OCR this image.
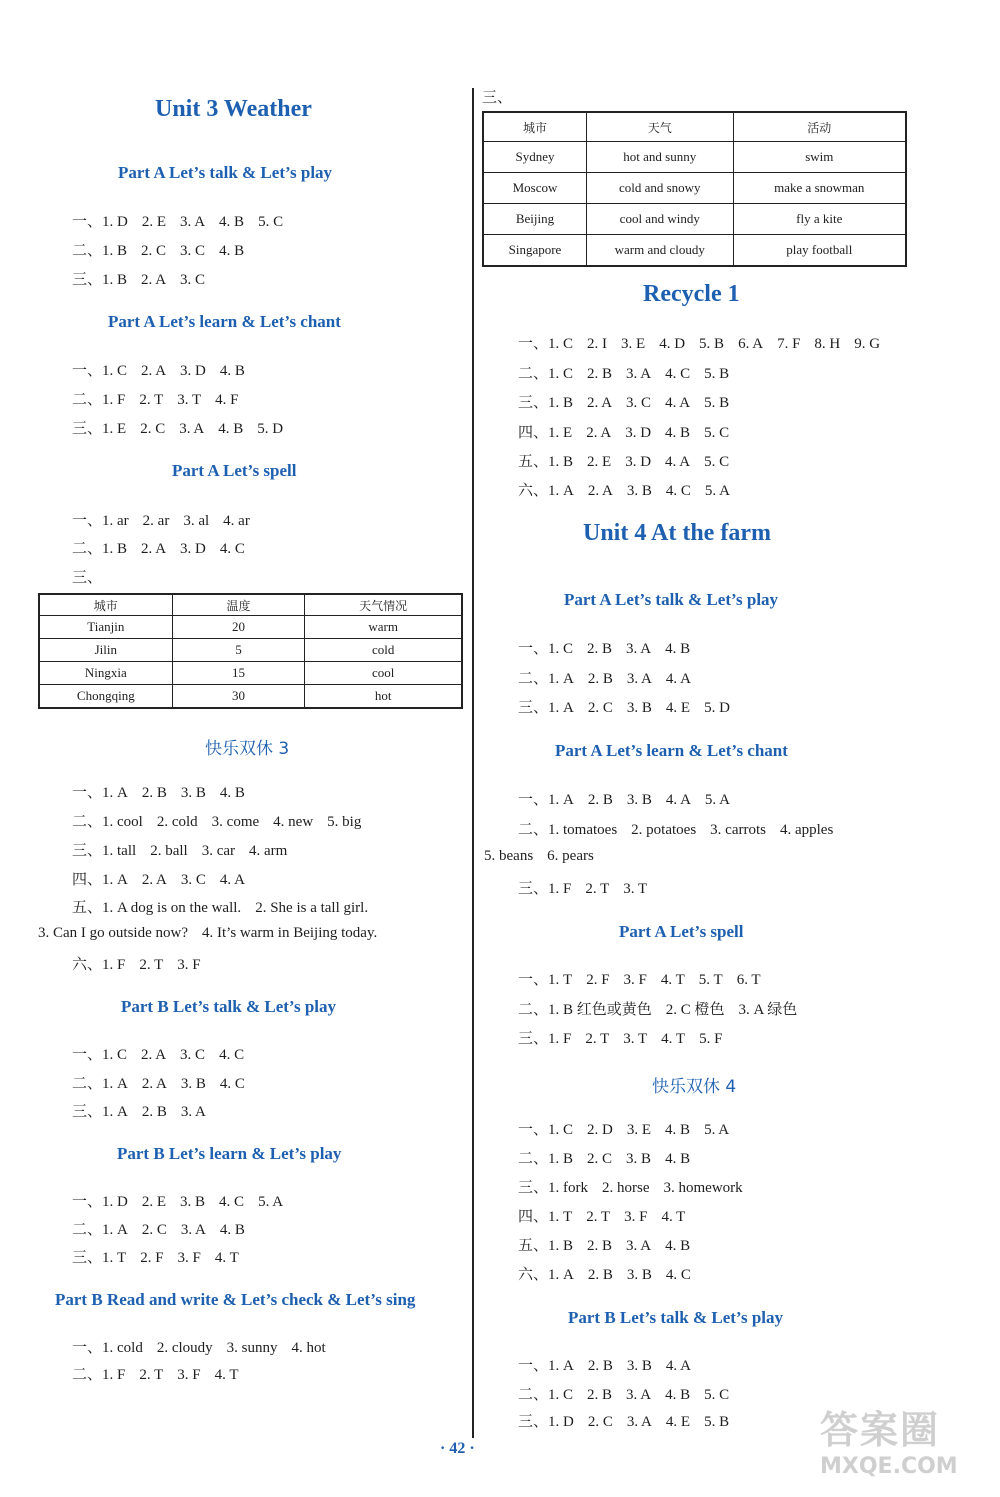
Unit 3 Weather
Part A Let’s talk & Let’s play
一、1. D 2. E 3. A 4. B 5. C
二、1. B 2. C 3. C 4. B
三、1. B 2. A 3. C
Part A Let’s learn & Let’s chant
一、1. C 2. A 3. D 4. B
二、1. F 2. T 3. T 4. F
三、1. E 2. C 3. A 4. B 5. D
Part A Let’s spell
一、1. ar 2. ar 3. al 4. ar
二、1. B 2. A 3. D 4. C
三、
城市	温度	天气情况
Tianjin	20	warm
Jilin	5	cold
Ningxia	15	cool
Chongqing	30	hot
快乐双休 3
一、1. A 2. B 3. B 4. B
二、1. cool 2. cold 3. come 4. new 5. big
三、1. tall 2. ball 3. car 4. arm
四、1. A 2. A 3. C 4. A
五、1. A dog is on the wall. 2. She is a tall girl.
3. Can I go outside now? 4. It’s warm in Beijing today.
六、1. F 2. T 3. F
Part B Let’s talk & Let’s play
一、1. C 2. A 3. C 4. C
二、1. A 2. A 3. B 4. C
三、1. A 2. B 3. A
Part B Let’s learn & Let’s play
一、1. D 2. E 3. B 4. C 5. A
二、1. A 2. C 3. A 4. B
三、1. T 2. F 3. F 4. T
Part B Read and write & Let’s check & Let’s sing
一、1. cold 2. cloudy 3. sunny 4. hot
二、1. F 2. T 3. F 4. T
三、
城市	天气	活动
Sydney	hot and sunny	swim
Moscow	cold and snowy	make a snowman
Beijing	cool and windy	fly a kite
Singapore	warm and cloudy	play football
Recycle 1
一、1. C 2. I 3. E 4. D 5. B 6. A 7. F 8. H 9. G
二、1. C 2. B 3. A 4. C 5. B
三、1. B 2. A 3. C 4. A 5. B
四、1. E 2. A 3. D 4. B 5. C
五、1. B 2. E 3. D 4. A 5. C
六、1. A 2. A 3. B 4. C 5. A
Unit 4 At the farm
Part A Let’s talk & Let’s play
一、1. C 2. B 3. A 4. B
二、1. A 2. B 3. A 4. A
三、1. A 2. C 3. B 4. E 5. D
Part A Let’s learn & Let’s chant
一、1. A 2. B 3. B 4. A 5. A
二、1. tomatoes 2. potatoes 3. carrots 4. apples
5. beans 6. pears
三、1. F 2. T 3. T
Part A Let’s spell
一、1. T 2. F 3. F 4. T 5. T 6. T
二、1. B 红色或黄色 2. C 橙色 3. A 绿色
三、1. F 2. T 3. T 4. T 5. F
快乐双休 4
一、1. C 2. D 3. E 4. B 5. A
二、1. B 2. C 3. B 4. B
三、1. fork 2. horse 3. homework
四、1. T 2. T 3. F 4. T
五、1. B 2. B 3. A 4. B
六、1. A 2. B 3. B 4. C
Part B Let’s talk & Let’s play
一、1. A 2. B 3. B 4. A
二、1. C 2. B 3. A 4. B 5. C
三、1. D 2. C 3. A 4. E 5. B
· 42 ·	答案圈
MXQE.COM
